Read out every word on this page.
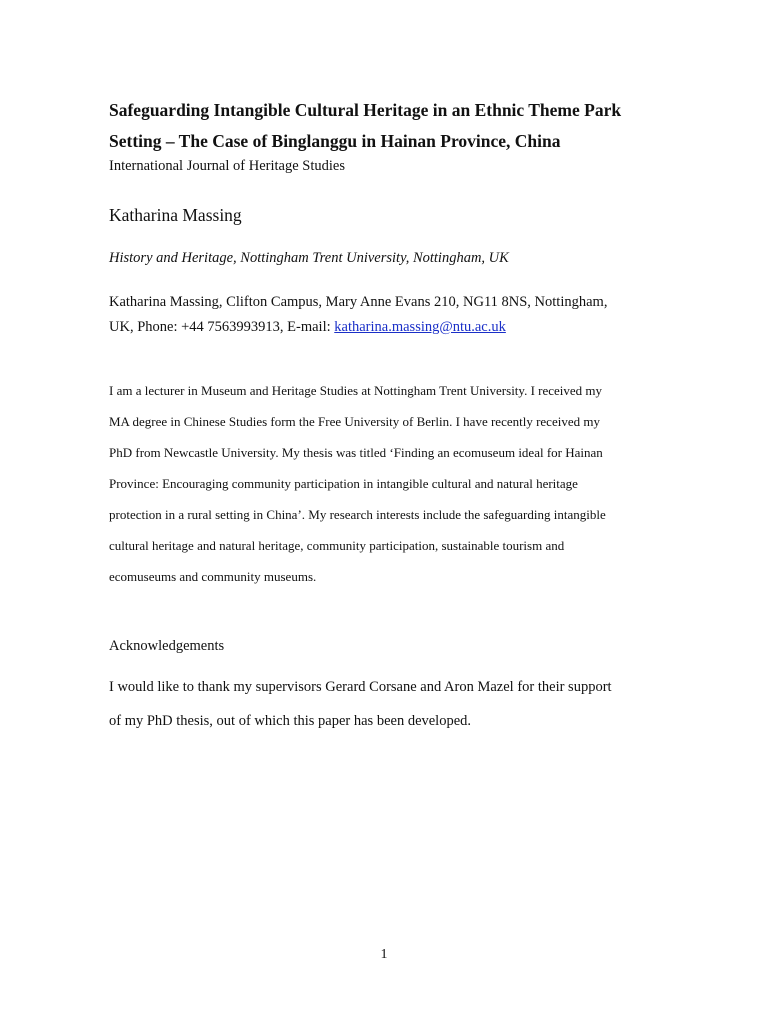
Safeguarding Intangible Cultural Heritage in an Ethnic Theme Park
Setting – The Case of Binglanggu in Hainan Province, China
International Journal of Heritage Studies
Katharina Massing
History and Heritage, Nottingham Trent University, Nottingham, UK
Katharina Massing, Clifton Campus, Mary Anne Evans 210, NG11 8NS, Nottingham,
UK, Phone: +44 7563993913, E-mail: katharina.massing@ntu.ac.uk
I am a lecturer in Museum and Heritage Studies at Nottingham Trent University. I received my
MA degree in Chinese Studies form the Free University of Berlin. I have recently received my
PhD from Newcastle University. My thesis was titled ‘Finding an ecomuseum ideal for Hainan
Province: Encouraging community participation in intangible cultural and natural heritage
protection in a rural setting in China’. My research interests include the safeguarding intangible
cultural heritage and natural heritage, community participation, sustainable tourism and
ecomuseums and community museums.
Acknowledgements
I would like to thank my supervisors Gerard Corsane and Aron Mazel for their support
of my PhD thesis, out of which this paper has been developed.
1
